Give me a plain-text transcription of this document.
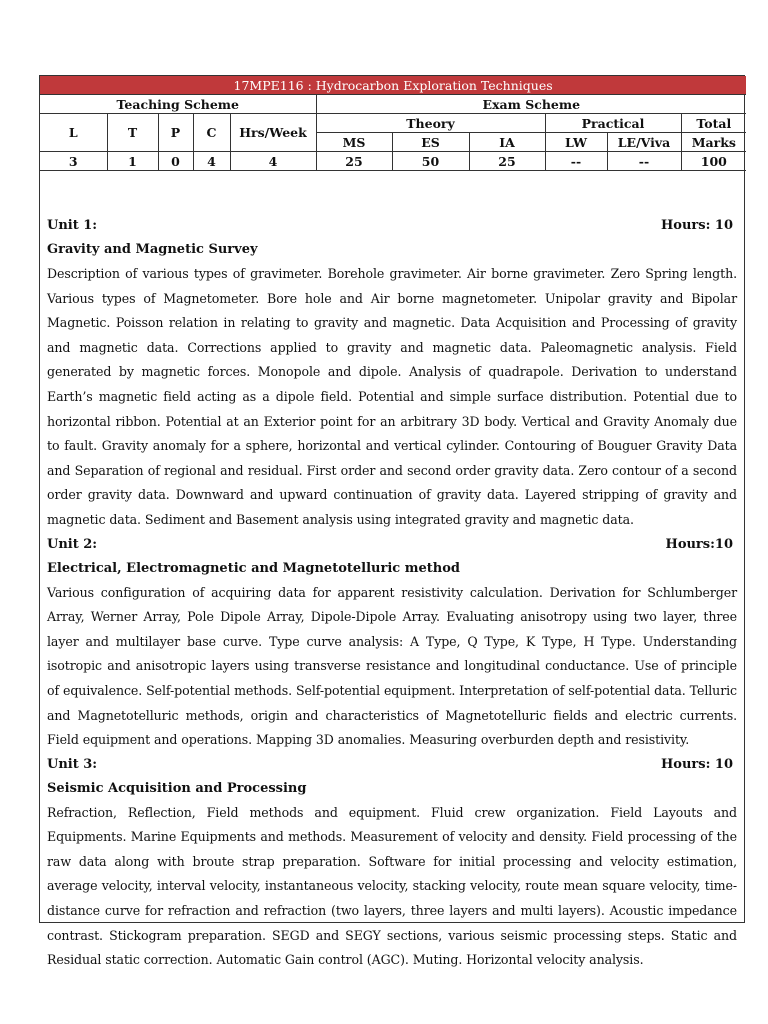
17MPE116 : Hydrocarbon Exploration Techniques										
Teaching Scheme					Exam Scheme					
L	T	P	C	Hrs/Week	Theory			Practical		Total
					MS	ES	IA	LW	LE/Viva	Marks
3	1	0	4	4	25	50	25	--	--	100
Unit 1:	Hours: 10
Gravity and Magnetic Survey
Description of various types of gravimeter. Borehole gravimeter. Air borne gravimeter. Zero Spring length. Various types of Magnetometer. Bore hole and Air borne magnetometer. Unipolar gravity and Bipolar Magnetic. Poisson relation in relating to gravity and magnetic. Data Acquisition and Processing of gravity and magnetic data. Corrections applied to gravity and magnetic data. Paleomagnetic analysis. Field generated by magnetic forces. Monopole and dipole. Analysis of quadrapole. Derivation to understand Earth’s magnetic field acting as a dipole field. Potential and simple surface distribution. Potential due to horizontal ribbon. Potential at an Exterior point for an arbitrary 3D body. Vertical and Gravity Anomaly due to fault. Gravity anomaly for a sphere, horizontal and vertical cylinder. Contouring of Bouguer Gravity Data and Separation of regional and residual. First order and second order gravity data. Zero contour of a second order gravity data. Downward and upward continuation of gravity data. Layered stripping of gravity and magnetic data. Sediment and Basement analysis using integrated gravity and magnetic data.
Unit 2:	Hours:10
Electrical, Electromagnetic and Magnetotelluric method
Various configuration of acquiring data for apparent resistivity calculation. Derivation for Schlumberger Array, Werner Array, Pole Dipole Array, Dipole-Dipole Array. Evaluating anisotropy using two layer, three layer and multilayer base curve. Type curve analysis: A Type, Q Type, K Type, H Type. Understanding isotropic and anisotropic layers using transverse resistance and longitudinal conductance. Use of principle of equivalence. Self-potential methods. Self-potential equipment. Interpretation of self-potential data. Telluric and Magnetotelluric methods, origin and characteristics of Magnetotelluric fields and electric currents. Field equipment and operations. Mapping 3D anomalies. Measuring overburden depth and resistivity.
Unit 3:	Hours: 10
Seismic Acquisition and Processing
Refraction, Reflection, Field methods and equipment. Fluid crew organization. Field Layouts and Equipments. Marine Equipments and methods. Measurement of velocity and density. Field processing of the raw data along with broute strap preparation. Software for initial processing and velocity estimation, average velocity, interval velocity, instantaneous velocity, stacking velocity, route mean square velocity, time-distance curve for refraction and refraction (two layers, three layers and multi layers). Acoustic impedance contrast. Stickogram preparation. SEGD and SEGY sections, various seismic processing steps. Static and Residual static correction. Automatic Gain control (AGC). Muting. Horizontal velocity analysis.
